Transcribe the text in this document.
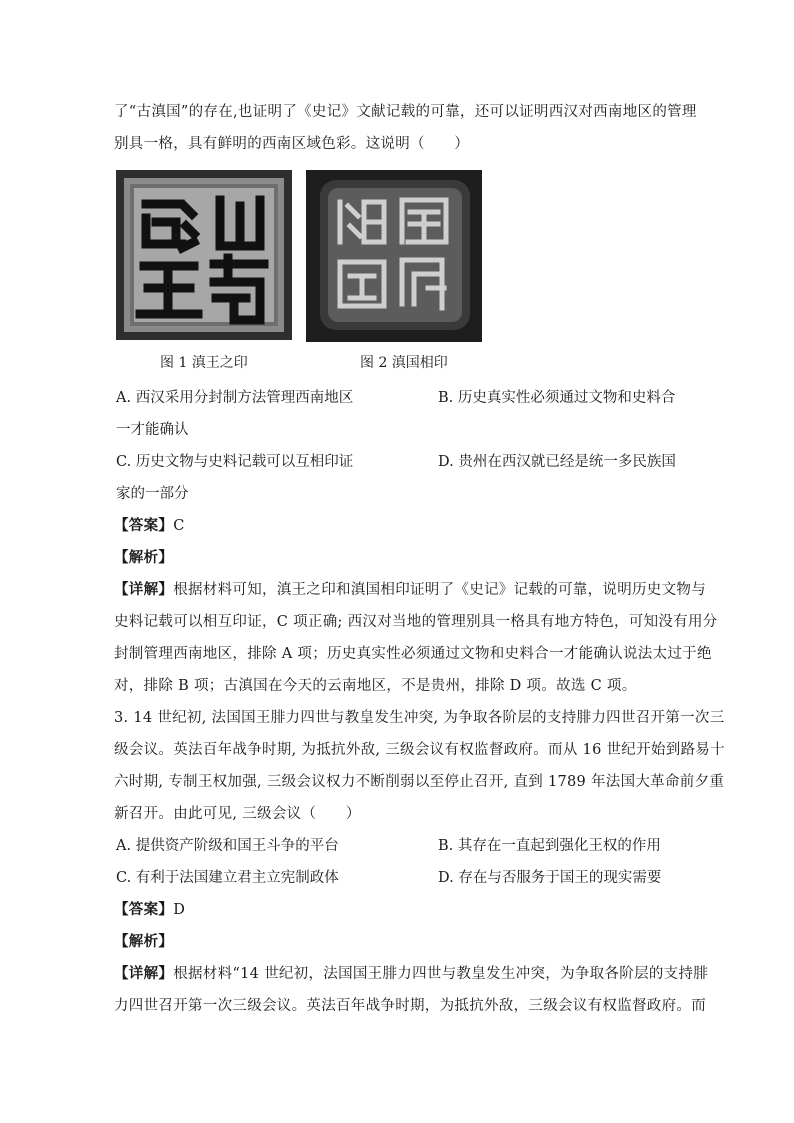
了“古滇国”的存在,也证明了《史记》文献记载的可靠，还可以证明西汉对西南地区的管理
别具一格，具有鲜明的西南区域色彩。这说明（　　）
图 1 滇王之印	图 2 滇国相印
A. 西汉采用分封制方法管理西南地区	B. 历史真实性必须通过文物和史料合
一才能确认
C. 历史文物与史料记载可以互相印证	D. 贵州在西汉就已经是统一多民族国
家的一部分
【答案】C
【解析】
【详解】根据材料可知，滇王之印和滇国相印证明了《史记》记载的可靠，说明历史文物与
史料记载可以相互印证，C 项正确; 西汉对当地的管理别具一格具有地方特色，可知没有用分
封制管理西南地区，排除 A 项；历史真实性必须通过文物和史料合一才能确认说法太过于绝
对，排除 B 项；古滇国在今天的云南地区，不是贵州，排除 D 项。故选 C 项。
3. 14 世纪初, 法国国王腓力四世与教皇发生冲突, 为争取各阶层的支持腓力四世召开第一次三
级会议。英法百年战争时期, 为抵抗外敌, 三级会议有权监督政府。而从 16 世纪开始到路易十
六时期, 专制王权加强, 三级会议权力不断削弱以至停止召开, 直到 1789 年法国大革命前夕重
新召开。由此可见, 三级会议（　　）
A. 提供资产阶级和国王斗争的平台	B. 其存在一直起到强化王权的作用
C. 有利于法国建立君主立宪制政体	D. 存在与否服务于国王的现实需要
【答案】D
【解析】
【详解】根据材料“14 世纪初，法国国王腓力四世与教皇发生冲突，为争取各阶层的支持腓
力四世召开第一次三级会议。英法百年战争时期，为抵抗外敌，三级会议有权监督政府。而
